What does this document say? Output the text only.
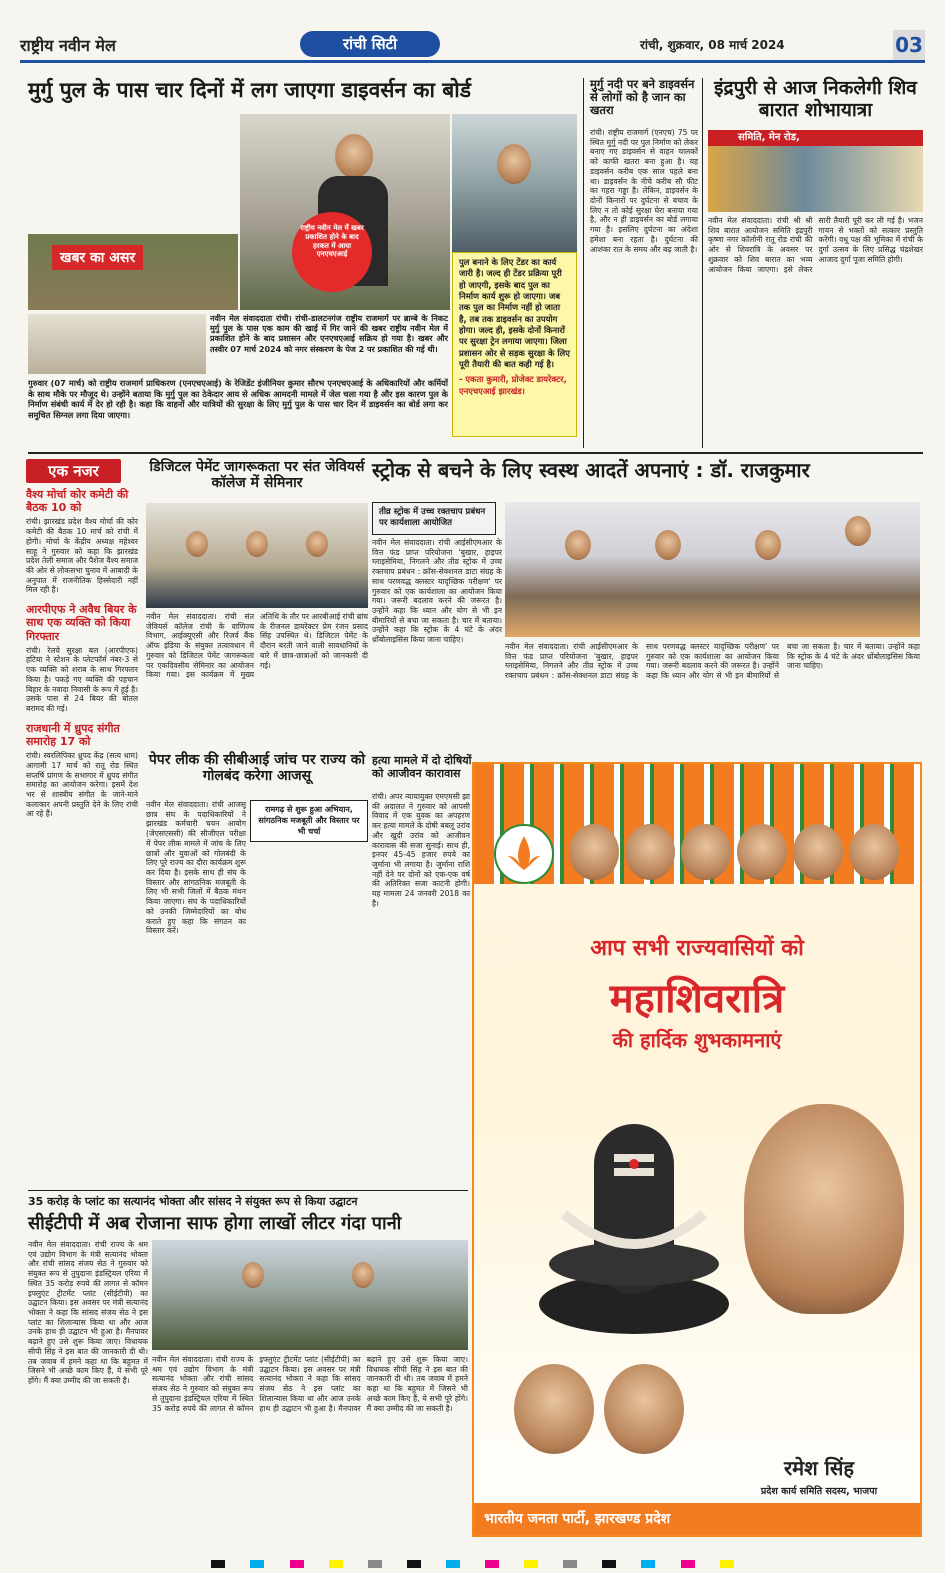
राष्ट्रीय नवीन मेल	रांची सिटी	रांची, शुक्रवार, 08 मार्च 2024	03
मुर्गु पुल के पास चार दिनों में लग जाएगा डाइवर्सन का बोर्ड
खबर का असर
राष्ट्रीय नवीन मेल में खबर प्रकाशित होने के बाद हरकत में आया एनएचएआई
पुल बनाने के लिए टेंडर का कार्य जारी है। जल्द ही टेंडर प्रक्रिया पूरी हो जाएगी, इसके बाद पुल का निर्माण कार्य शुरू हो जाएगा। जब तक पुल का निर्माण नहीं हो जाता है, तब तक डाइवर्सन का उपयोग होगा। जल्द ही, इसके दोनों किनारों पर सुरक्षा ट्रेन लगाया जाएगा। जिला प्रशासन ओर से सड़क सुरक्षा के लिए पूरी तैयारी की बात कही गई है।
- एकता कुमारी, प्रोजेक्ट डायरेक्टर, एनएचएआई झारखंड।
नवीन मेल संवाददाता रांची। रांची-डालटनगंज राष्ट्रीय राजमार्ग पर ब्राम्बे के निकट मुर्गु पुल के पास एक काम की खाई में गिर जाने की खबर राष्ट्रीय नवीन मेल में प्रकाशित होने के बाद प्रशासन और एनएचएआई सक्रिय हो गया है। खबर और तस्वीर 07 मार्च 2024 को नगर संस्करण के पेज 2 पर प्रकाशित की गई थी।
गुरुवार (07 मार्च) को राष्ट्रीय राजमार्ग प्राधिकरण (एनएचएआई) के रेजिडेंट इंजीनियर कुमार सौरभ एनएचएआई के अधिकारियों और कर्मियों के साथ मौके पर मौजूद थे। उन्होंने बताया कि मुर्गु पुल का ठेकेदार आय से अधिक आमदनी मामले में जेल चला गया है और इस कारण पुल के निर्माण संबंधी कार्य में देर हो रही है। कहा कि वाहनों और यात्रियों की सुरक्षा के लिए मुर्गु पुल के पास चार दिन में डाइवर्सन का बोर्ड लगा कर समुचित सिग्नल लगा दिया जाएगा।
मुर्गु नदी पर बने डाइवर्सन से लोगों को है जान का खतरा
रांची। राष्ट्रीय राजमार्ग (एनएच) 75 पर स्थित मुर्गु नदी पर पुल निर्माण को लेकर बनाए गए डाइवर्सन से वाहन चालकों को काफी खतरा बना हुआ है। यह डाइवर्सन करीब एक साल पहले बना था। डाइवर्सन के नीचे करीब सौ फीट का गहरा गड्ढा है। लेकिन, डाइवर्सन के दोनों किनारों पर दुर्घटना से बचाव के लिए न तो कोई सुरक्षा घेरा बनाया गया है, और न ही डाइवर्सन का बोर्ड लगाया गया है। इसलिए दुर्घटना का अंदेशा हमेशा बना रहता है। दुर्घटना की आशंका रात के समय और बढ़ जाती है।
इंद्रपुरी से आज निकलेगी शिव बारात शोभायात्रा
समिति, मेन रोड,
नवीन मेल संवाददाता। रांची श्री श्री शिव बारात आयोजन समिति इंद्रपुरी कृष्णा नगर कॉलोनी रातू रोड रांची की ओर से शिवरात्रि के अवसर पर शुक्रवार को शिव बारात का भव्य आयोजन किया जाएगा। इसे लेकर सारी तैयारी पूरी कर ली गई है। भजन गायन से भक्तों को सत्कार प्रस्तुति करेंगी। वधू पक्ष की भूमिका में रांची के दुर्गा उत्सव के लिए प्रसिद्ध चंद्रशेखर आजाद दुर्गा पूजा समिति होगी।
एक नजर
वैश्य मोर्चा कोर कमेटी की बैठक 10 को
रांची। झारखंड प्रदेश वैश्य मोर्चा की कोर कमेटी की बैठक 10 मार्च को रांची में होगी। मोर्चा के केंद्रीय अध्यक्ष महेश्वर साहू ने गुरुवार को कहा कि झारखंड प्रदेश तेली समाज और पैशेज वैश्य समाज की ओर से लोकसभा चुनाव में आबादी के अनुपात में राजनीतिक हिस्सेदारी नहीं मिल रही है।
आरपीएफ ने अवैध बियर के साथ एक व्यक्ति को किया गिरफ्तार
रांची। रेलवे सुरक्षा बल (आरपीएफ) हटिया ने स्टेशन के प्लेटफॉर्म नंबर-3 से एक व्यक्ति को शराब के साथ गिरफ्तार किया है। पकड़े गए व्यक्ति की पहचान बिहार के नवादा निवासी के रूप में हुई है। उसके पास से 24 बियर की बोतल बरामद की गई।
राजधानी में ध्रुपद संगीत समारोह 17 को
रांची। स्वरलिपिका ध्रुपद केंद्र (सत्य धाम) आगामी 17 मार्च को रातू रोड स्थित सप्तर्षि प्रांगण के सभागार में ध्रुपद संगीत समारोह का आयोजन करेगा। इसमें देश भर से शास्त्रीय संगीत के जाने-माने कलाकार अपनी प्रस्तुति देने के लिए रांची आ रहे हैं।
डिजिटल पेमेंट जागरूकता पर संत जेवियर्स कॉलेज में सेमिनार
नवीन मेल संवाददाता। रांची संत जेवियर्स कॉलेज रांची के वाणिज्य विभाग, आईक्यूएसी और रिजर्व बैंक ऑफ इंडिया के संयुक्त तत्वावधान में गुरुवार को डिजिटल पेमेंट जागरूकता पर एकदिवसीय सेमिनार का आयोजन किया गया। इस कार्यक्रम में मुख्य अतिथि के तौर पर आरबीआई रांची ब्रांच के रीजनल डायरेक्टर प्रेम रंजन प्रसाद सिंह उपस्थित थे। डिजिटल पेमेंट के दौरान बरती जाने वाली सावधानियों के बारे में छात्र-छात्राओं को जानकारी दी गई।
पेपर लीक की सीबीआई जांच पर राज्य को गोलबंद करेगा आजसू
रामगढ़ से शुरू हुआ अभियान, सांगठनिक मजबूती और विस्तार पर भी चर्चा
नवीन मेल संवाददाता। रांची आजसू छात्र संघ के पदाधिकारियों ने झारखंड कर्मचारी चयन आयोग (जेएसएससी) की सीजीएल परीक्षा में पेपर लीक मामले में जांच के लिए छात्रों और युवाओं को गोलबंदी के लिए पूरे राज्य का दौरा कार्यक्रम शुरू कर दिया है। इसके साथ ही संघ के विस्तार और सांगठनिक मजबूती के लिए भी सभी जिलों में बैठक मंथन किया जाएगा। संघ के पदाधिकारियों को उनकी जिम्मेदारियों का बोध कराते हुए कहा कि संगठन का विस्तार करें।
स्ट्रोक से बचने के लिए स्वस्थ आदतें अपनाएं : डॉ. राजकुमार
तीव्र स्ट्रोक में उच्च रक्तचाप प्रबंधन पर कार्यशाला आयोजित
नवीन मेल संवाददाता। रांची आईसीएमआर के वित्त फंड प्राप्त परियोजना 'बुखार, हाइपर ग्लाइसेमिया, निगलने और तीव्र स्ट्रोक में उच्च रक्तचाप प्रबंधन : क्रॉस-सेक्शनल डाटा संग्रह के साथ परणवद्ध क्लस्टर यादृच्छिक परीक्षण' पर गुरुवार को एक कार्यशाला का आयोजन किया गया। जरूरी बदलाव करने की जरूरत है। उन्होंने कहा कि ध्यान और योग से भी इन बीमारियों से बचा जा सकता है। चार में बताया। उन्होंने कहा कि स्ट्रोक के 4 घंटे के अंदर थ्रोंबोलाइसिस किया जाना चाहिए।
नवीन मेल संवाददाता। रांची आईसीएमआर के वित्त फंड प्राप्त परियोजना 'बुखार, हाइपर ग्लाइसेमिया, निगलने और तीव्र स्ट्रोक में उच्च रक्तचाप प्रबंधन : क्रॉस-सेक्शनल डाटा संग्रह के साथ परणवद्ध क्लस्टर यादृच्छिक परीक्षण' पर गुरुवार को एक कार्यशाला का आयोजन किया गया। जरूरी बदलाव करने की जरूरत है। उन्होंने कहा कि ध्यान और योग से भी इन बीमारियों से बचा जा सकता है। चार में बताया। उन्होंने कहा कि स्ट्रोक के 4 घंटे के अंदर थ्रोंबोलाइसिस किया जाना चाहिए।
हत्या मामले में दो दोषियों को आजीवन कारावास
रांची। अपर न्यायायुक्त एमएमसी झा की अदालत ने गुरुवार को आपसी विवाद में एक युवक का अपहरण कर हत्या मामले के दोषी बबलू उरांव और खुदी उरांव को आजीवन कारावास की सजा सुनाई। साथ ही, इनपर 45-45 हजार रुपये का जुर्माना भी लगाया है। जुर्माना राशि नहीं देने पर दोनों को एक-एक वर्ष की अतिरिक्त सजा काटनी होगी। यह मामला 24 जनवरी 2018 का है।
35 करोड़ के प्लांट का सत्यानंद भोक्ता और सांसद ने संयुक्त रूप से किया उद्घाटन
सीईटीपी में अब रोजाना साफ होगा लाखों लीटर गंदा पानी
नवीन मेल संवाददाता। रांची राज्य के श्रम एवं उद्योग विभाग के मंत्री सत्यानंद भोक्ता और रांची सांसद संजय सेठ ने गुरुवार को संयुक्त रूप से तुपुदाना इंडस्ट्रियल एरिया में स्थित 35 करोड़ रुपये की लागत से कॉमन इफ्लुएंट ट्रीटमेंट प्लांट (सीईटीपी) का उद्घाटन किया। इस अवसर पर मंत्री सत्यानंद भोक्ता ने कहा कि सांसद संजय सेठ ने इस प्लांट का शिलान्यास किया था और आज उनके हाथ ही उद्घाटन भी हुआ है। मैनपावर बढ़ाने हुए उसे शुरू किया जाए। विधायक सीपी सिंह ने इस बात की जानकारी दी थी। तब जवाब में हमने कहा था कि बहुमत में जिसने भी अच्छे काम किए हैं, ये सभी पूरे होंगे। मैं क्या उम्मीद की जा सकती है।
नवीन मेल संवाददाता। रांची राज्य के श्रम एवं उद्योग विभाग के मंत्री सत्यानंद भोक्ता और रांची सांसद संजय सेठ ने गुरुवार को संयुक्त रूप से तुपुदाना इंडस्ट्रियल एरिया में स्थित 35 करोड़ रुपये की लागत से कॉमन इफ्लुएंट ट्रीटमेंट प्लांट (सीईटीपी) का उद्घाटन किया। इस अवसर पर मंत्री सत्यानंद भोक्ता ने कहा कि सांसद संजय सेठ ने इस प्लांट का शिलान्यास किया था और आज उनके हाथ ही उद्घाटन भी हुआ है। मैनपावर बढ़ाने हुए उसे शुरू किया जाए। विधायक सीपी सिंह ने इस बात की जानकारी दी थी। तब जवाब में हमने कहा था कि बहुमत में जिसने भी अच्छे काम किए हैं, ये सभी पूरे होंगे। मैं क्या उम्मीद की जा सकती है।
आप सभी राज्यवासियों को
महाशिवरात्रि
की हार्दिक शुभकामनाएं
रमेश सिंह
प्रदेश कार्य समिति सदस्य, भाजपा
भारतीय जनता पार्टी, झारखण्ड प्रदेश
